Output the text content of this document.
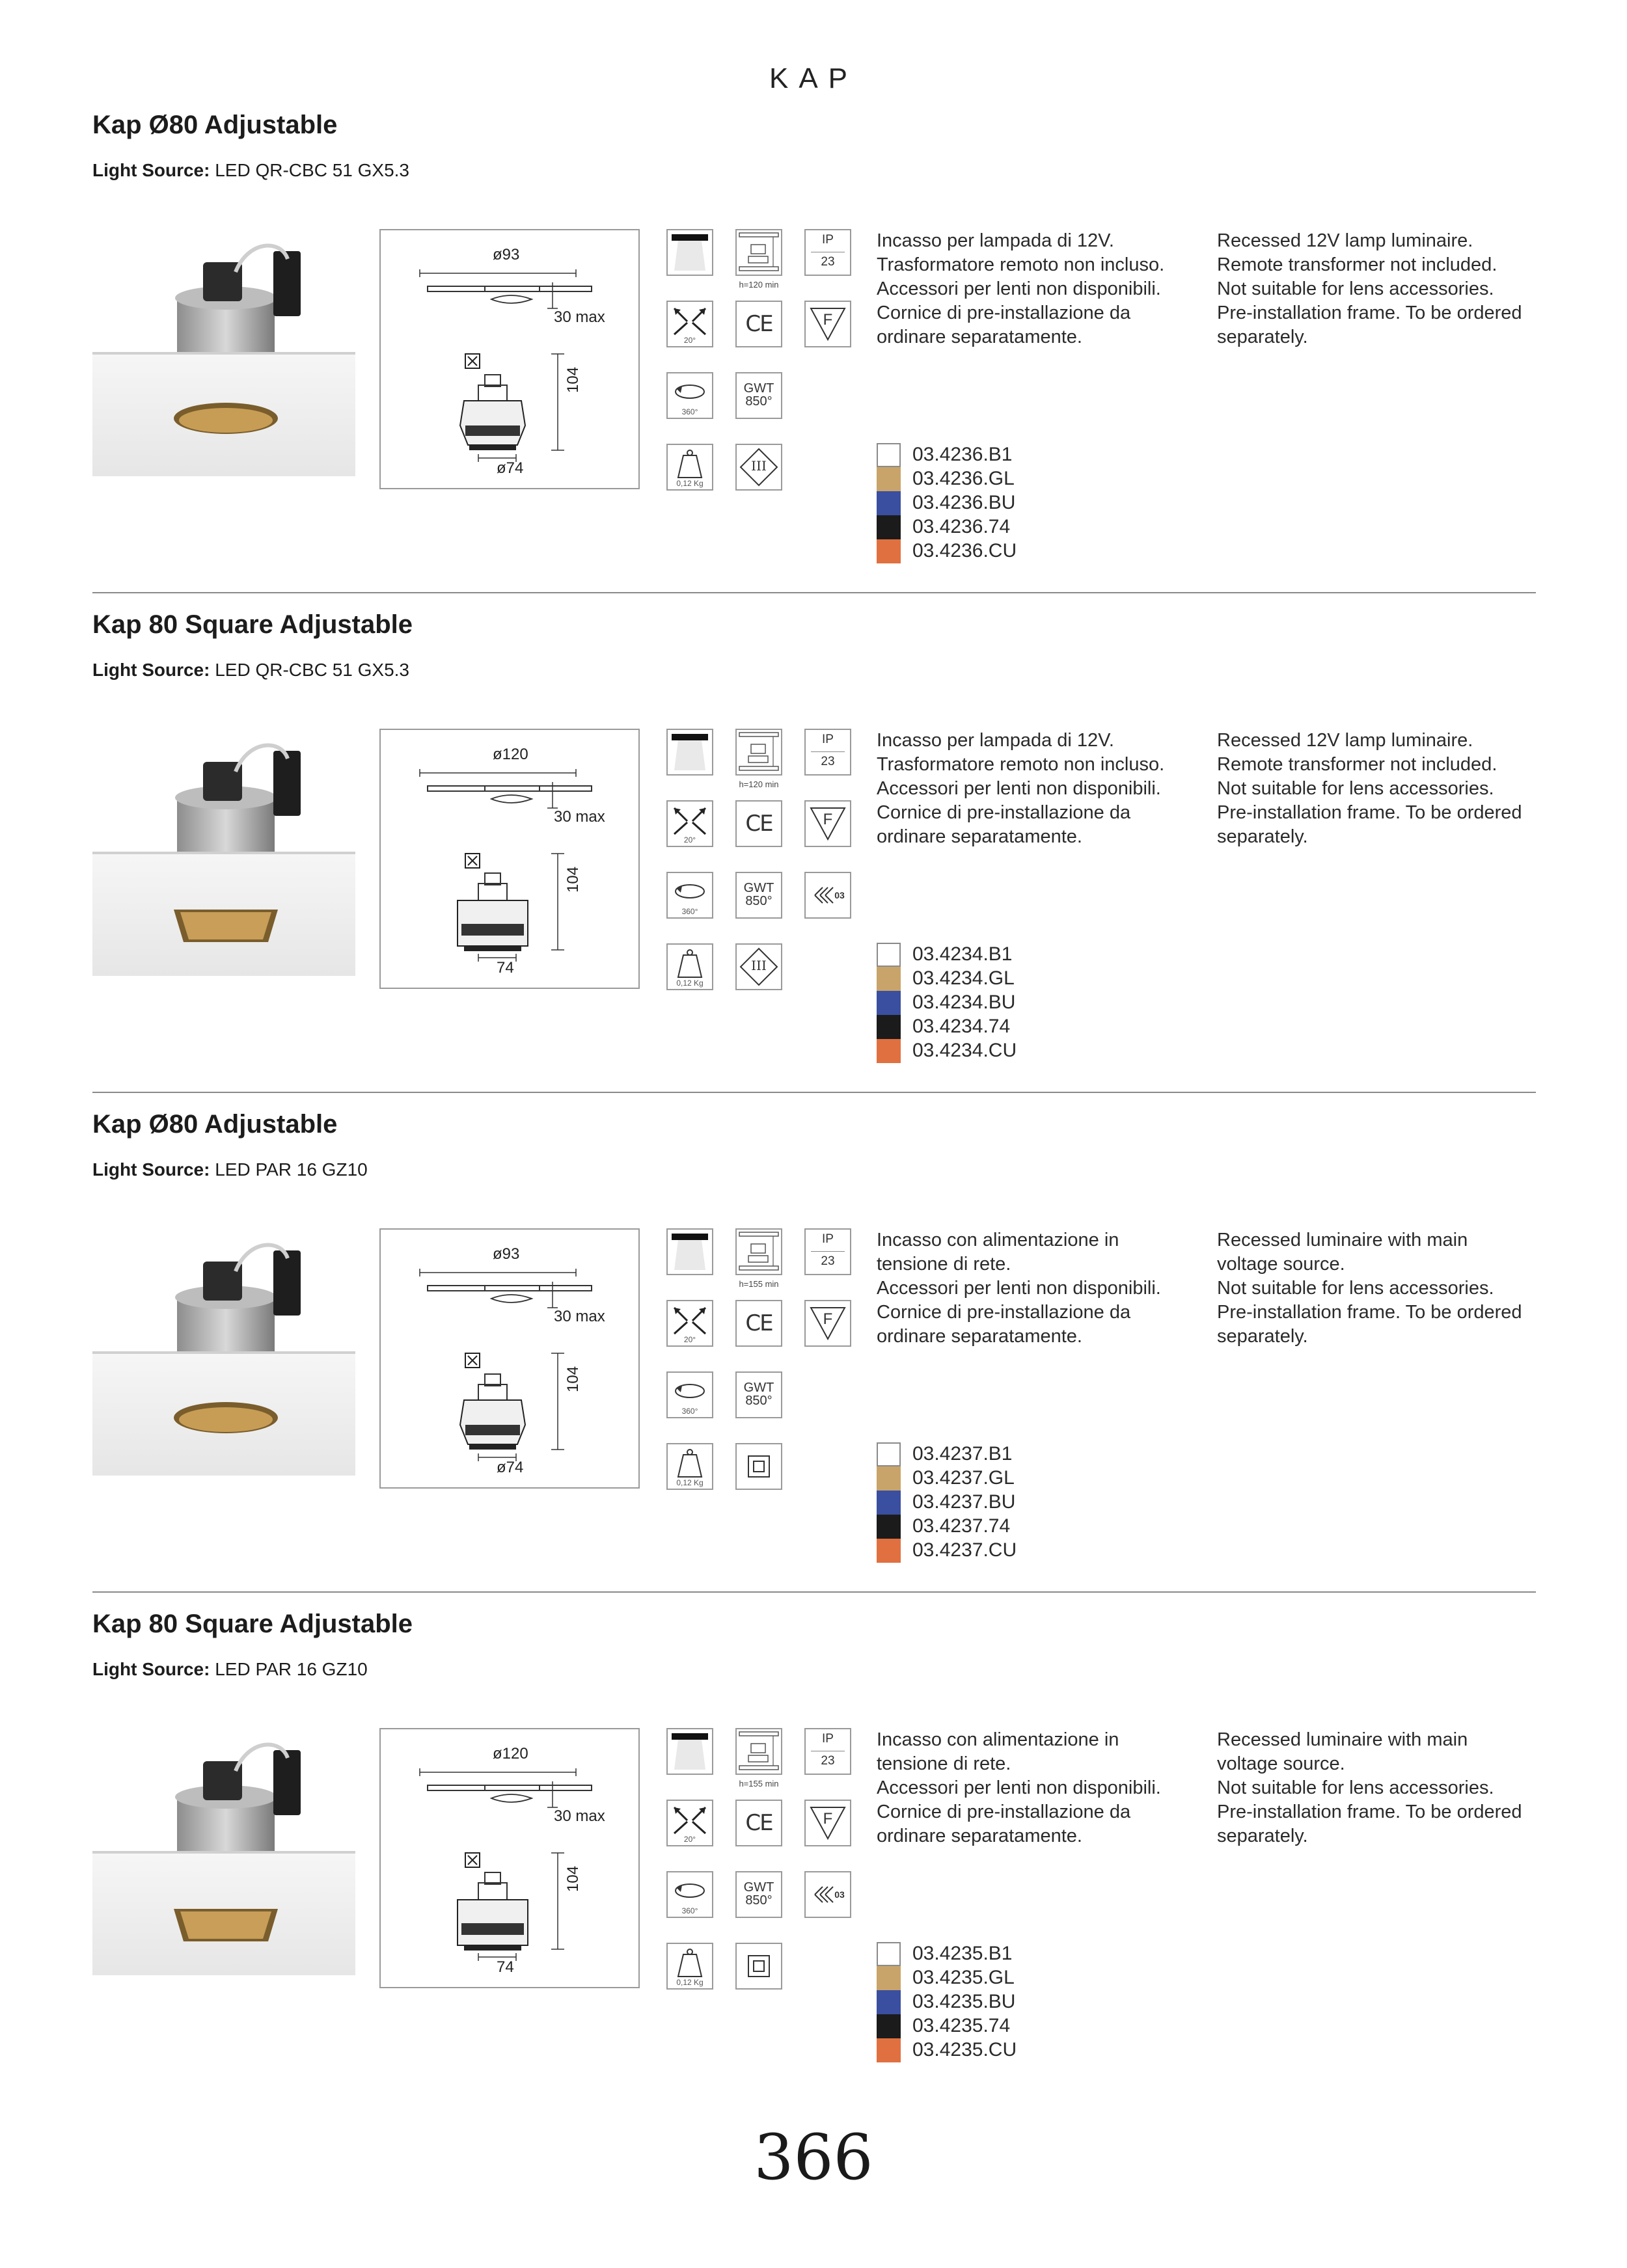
KAP
Kap Ø80 Adjustable
Light Source: LED QR-CBC 51 GX5.3
ø93
30 max
104
ø74
h=120 min
IP
23
20°
CE	F
360°
GWT
850°
0,12 Kg
III
Incasso per lampada di 12V.
Trasformatore remoto non incluso.
Accessori per lenti non disponibili.
Cornice di pre-installazione da
ordinare separatamente.
Recessed 12V lamp luminaire.
Remote transformer not included.
Not suitable for lens accessories.
Pre-installation frame. To be ordered
separately.
03.4236.B1
03.4236.GL
03.4236.BU
03.4236.74
03.4236.CU
Kap 80 Square Adjustable
Light Source: LED QR-CBC 51 GX5.3
ø120
30 max
104
74
h=120 min
IP
23
20°
CE	F
360°
GWT
850°	03
0,12 Kg
III
Incasso per lampada di 12V.
Trasformatore remoto non incluso.
Accessori per lenti non disponibili.
Cornice di pre-installazione da
ordinare separatamente.
Recessed 12V lamp luminaire.
Remote transformer not included.
Not suitable for lens accessories.
Pre-installation frame. To be ordered
separately.
03.4234.B1
03.4234.GL
03.4234.BU
03.4234.74
03.4234.CU
Kap Ø80 Adjustable
Light Source: LED PAR 16 GZ10
ø93
30 max
104
ø74
h=155 min
IP
23
20°
CE	F
360°
GWT
850°
0,12 Kg
Incasso con alimentazione in
tensione di rete.
Accessori per lenti non disponibili.
Cornice di pre-installazione da
ordinare separatamente.
Recessed luminaire with main
voltage source.
Not suitable for lens accessories.
Pre-installation frame. To be ordered
separately.
03.4237.B1
03.4237.GL
03.4237.BU
03.4237.74
03.4237.CU
Kap 80 Square Adjustable
Light Source: LED PAR 16 GZ10
ø120
30 max
104
74
h=155 min
IP
23
20°
CE	F
360°
GWT
850°	03
0,12 Kg
Incasso con alimentazione in
tensione di rete.
Accessori per lenti non disponibili.
Cornice di pre-installazione da
ordinare separatamente.
Recessed luminaire with main
voltage source.
Not suitable for lens accessories.
Pre-installation frame. To be ordered
separately.
03.4235.B1
03.4235.GL
03.4235.BU
03.4235.74
03.4235.CU
366
